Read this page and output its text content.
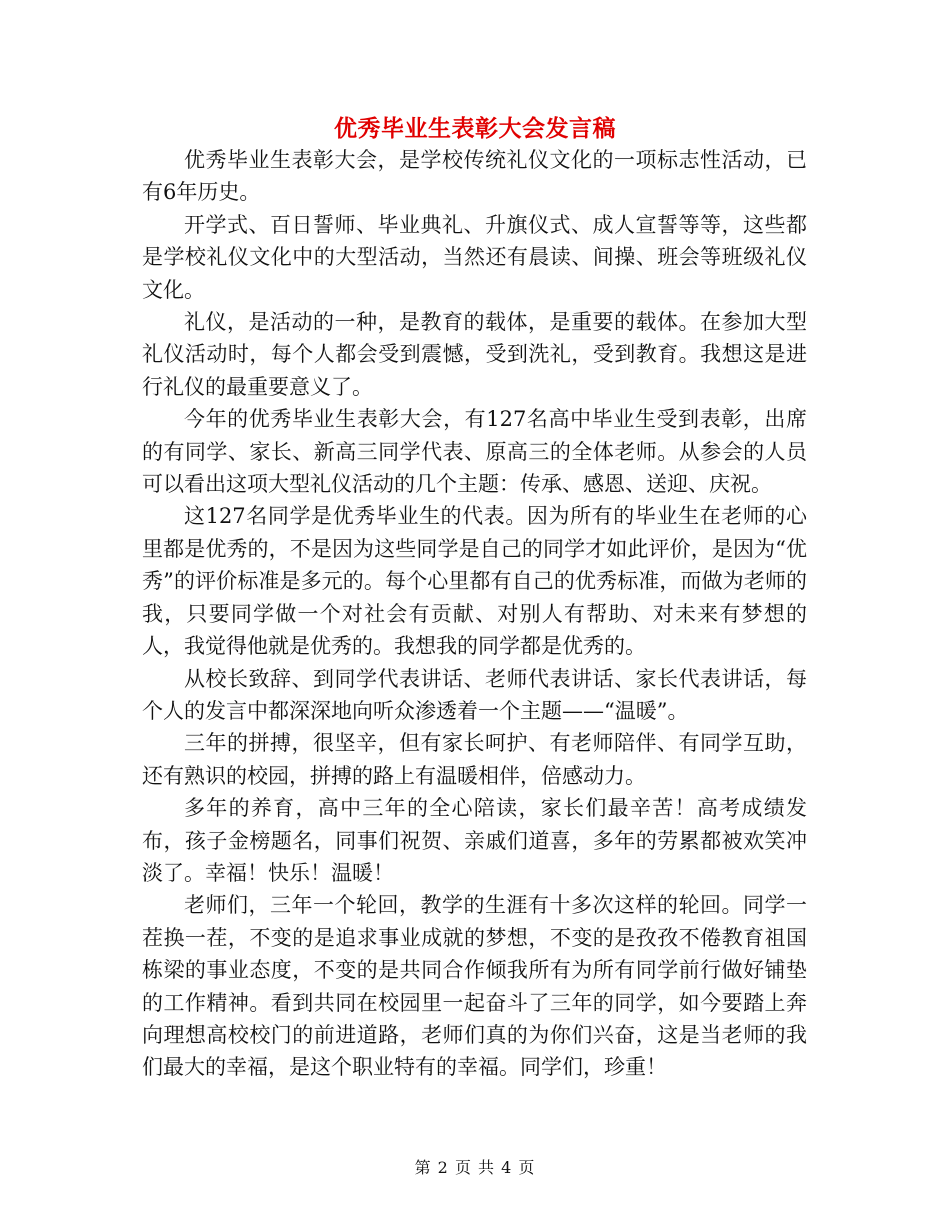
优秀毕业生表彰大会发言稿

优秀毕业生表彰大会，是学校传统礼仪文化的一项标志性活动，已有6年历史。

开学式、百日誓师、毕业典礼、升旗仪式、成人宣誓等等，这些都是学校礼仪文化中的大型活动，当然还有晨读、间操、班会等班级礼仪文化。

礼仪，是活动的一种，是教育的载体，是重要的载体。在参加大型礼仪活动时，每个人都会受到震憾，受到洗礼，受到教育。我想这是进行礼仪的最重要意义了。

今年的优秀毕业生表彰大会，有127名高中毕业生受到表彰，出席的有同学、家长、新高三同学代表、原高三的全体老师。从参会的人员可以看出这项大型礼仪活动的几个主题：传承、感恩、送迎、庆祝。

这127名同学是优秀毕业生的代表。因为所有的毕业生在老师的心里都是优秀的，不是因为这些同学是自己的同学才如此评价，是因为“优秀”的评价标准是多元的。每个心里都有自己的优秀标准，而做为老师的我，只要同学做一个对社会有贡献、对别人有帮助、对未来有梦想的人，我觉得他就是优秀的。我想我的同学都是优秀的。

从校长致辞、到同学代表讲话、老师代表讲话、家长代表讲话，每个人的发言中都深深地向听众渗透着一个主题——“温暖”。

三年的拼搏，很坚辛，但有家长呵护、有老师陪伴、有同学互助，还有熟识的校园，拼搏的路上有温暖相伴，倍感动力。

多年的养育，高中三年的全心陪读，家长们最辛苦！高考成绩发布，孩子金榜题名，同事们祝贺、亲戚们道喜，多年的劳累都被欢笑冲淡了。幸福！快乐！温暖！

老师们，三年一个轮回，教学的生涯有十多次这样的轮回。同学一茬换一茬，不变的是追求事业成就的梦想，不变的是孜孜不倦教育祖国栋梁的事业态度，不变的是共同合作倾我所有为所有同学前行做好铺垫的工作精神。看到共同在校园里一起奋斗了三年的同学，如今要踏上奔向理想高校校门的前进道路，老师们真的为你们兴奋，这是当老师的我们最大的幸福，是这个职业特有的幸福。同学们，珍重！

第 2 页 共 4 页
